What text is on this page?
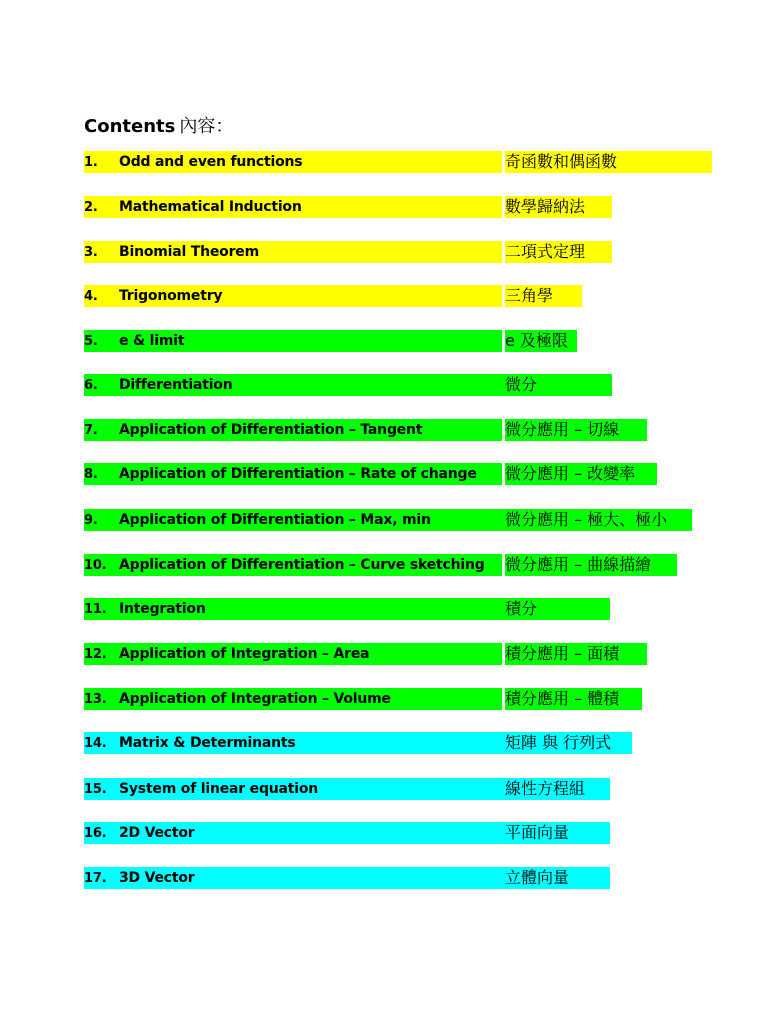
Contents 內容：
1. Odd and even functions	奇函數和偶函數
2. Mathematical Induction	數學歸納法
3. Binomial Theorem	二項式定理
4. Trigonometry	三角學
5. e & limit	e 及極限
6. Differentiation	微分
7. Application of Differentiation – Tangent	微分應用 – 切線
8. Application of Differentiation – Rate of change	微分應用 – 改變率
9. Application of Differentiation – Max, min	微分應用 – 極大、極小
10. Application of Differentiation – Curve sketching	微分應用 – 曲線描繪
11. Integration	積分
12. Application of Integration – Area	積分應用 – 面積
13. Application of Integration – Volume	積分應用 – 體積
14. Matrix & Determinants	矩陣 與 行列式
15. System of linear equation	線性方程組
16. 2D Vector	平面向量
17. 3D Vector	立體向量
